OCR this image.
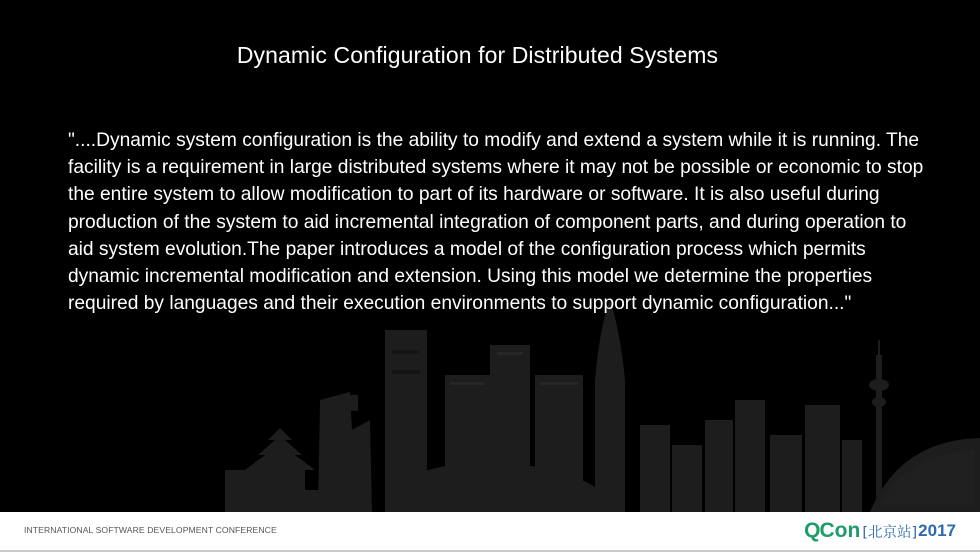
Dynamic Configuration for Distributed Systems

"....Dynamic system configuration is the ability to modify and extend a system while it is running. The facility is a requirement in large distributed systems where it may not be possible or economic to stop the entire system to allow modification to part of its hardware or software. It is also useful during production of the system to aid incremental integration of component parts, and during operation to aid system evolution.The paper introduces a model of the configuration process which permits dynamic incremental modification and extension. Using this model we determine the properties required by languages and their execution environments to support dynamic configuration..."

INTERNATIONAL SOFTWARE DEVELOPMENT CONFERENCE	Q Con [北京站] 2017
